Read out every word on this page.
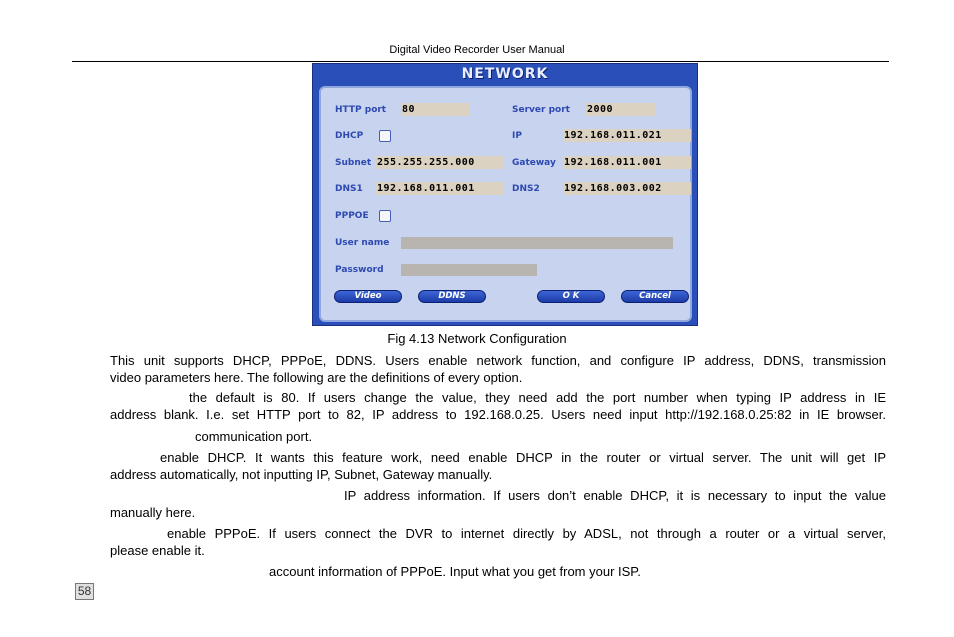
Digital Video Recorder User Manual
NETWORK
HTTP port 80	Server port 2000
DHCP	IP	192.168.011.021
Subnet 255.255.255.000	Gateway 192.168.011.001
DNS1 192.168.011.001	DNS2 192.168.003.002
PPPOE
User name
Password
Video	DDNS	O K	Cancel
Fig 4.13 Network Configuration
This unit supports DHCP, PPPoE, DDNS. Users enable network function, and configure IP address, DDNS, transmission
video parameters here. The following are the definitions of every option.
the default is 80. If users change the value, they need add the port number when typing IP address in IE
address blank. I.e. set HTTP port to 82, IP address to 192.168.0.25. Users need input http://192.168.0.25:82 in IE browser.
communication port.
enable DHCP. It wants this feature work, need enable DHCP in the router or virtual server. The unit will get IP
address automatically, not inputting IP, Subnet, Gateway manually.
IP address information. If users don’t enable DHCP, it is necessary to input the value
manually here.
enable PPPoE. If users connect the DVR to internet directly by ADSL, not through a router or a virtual server,
please enable it.
account information of PPPoE. Input what you get from your ISP.
58
